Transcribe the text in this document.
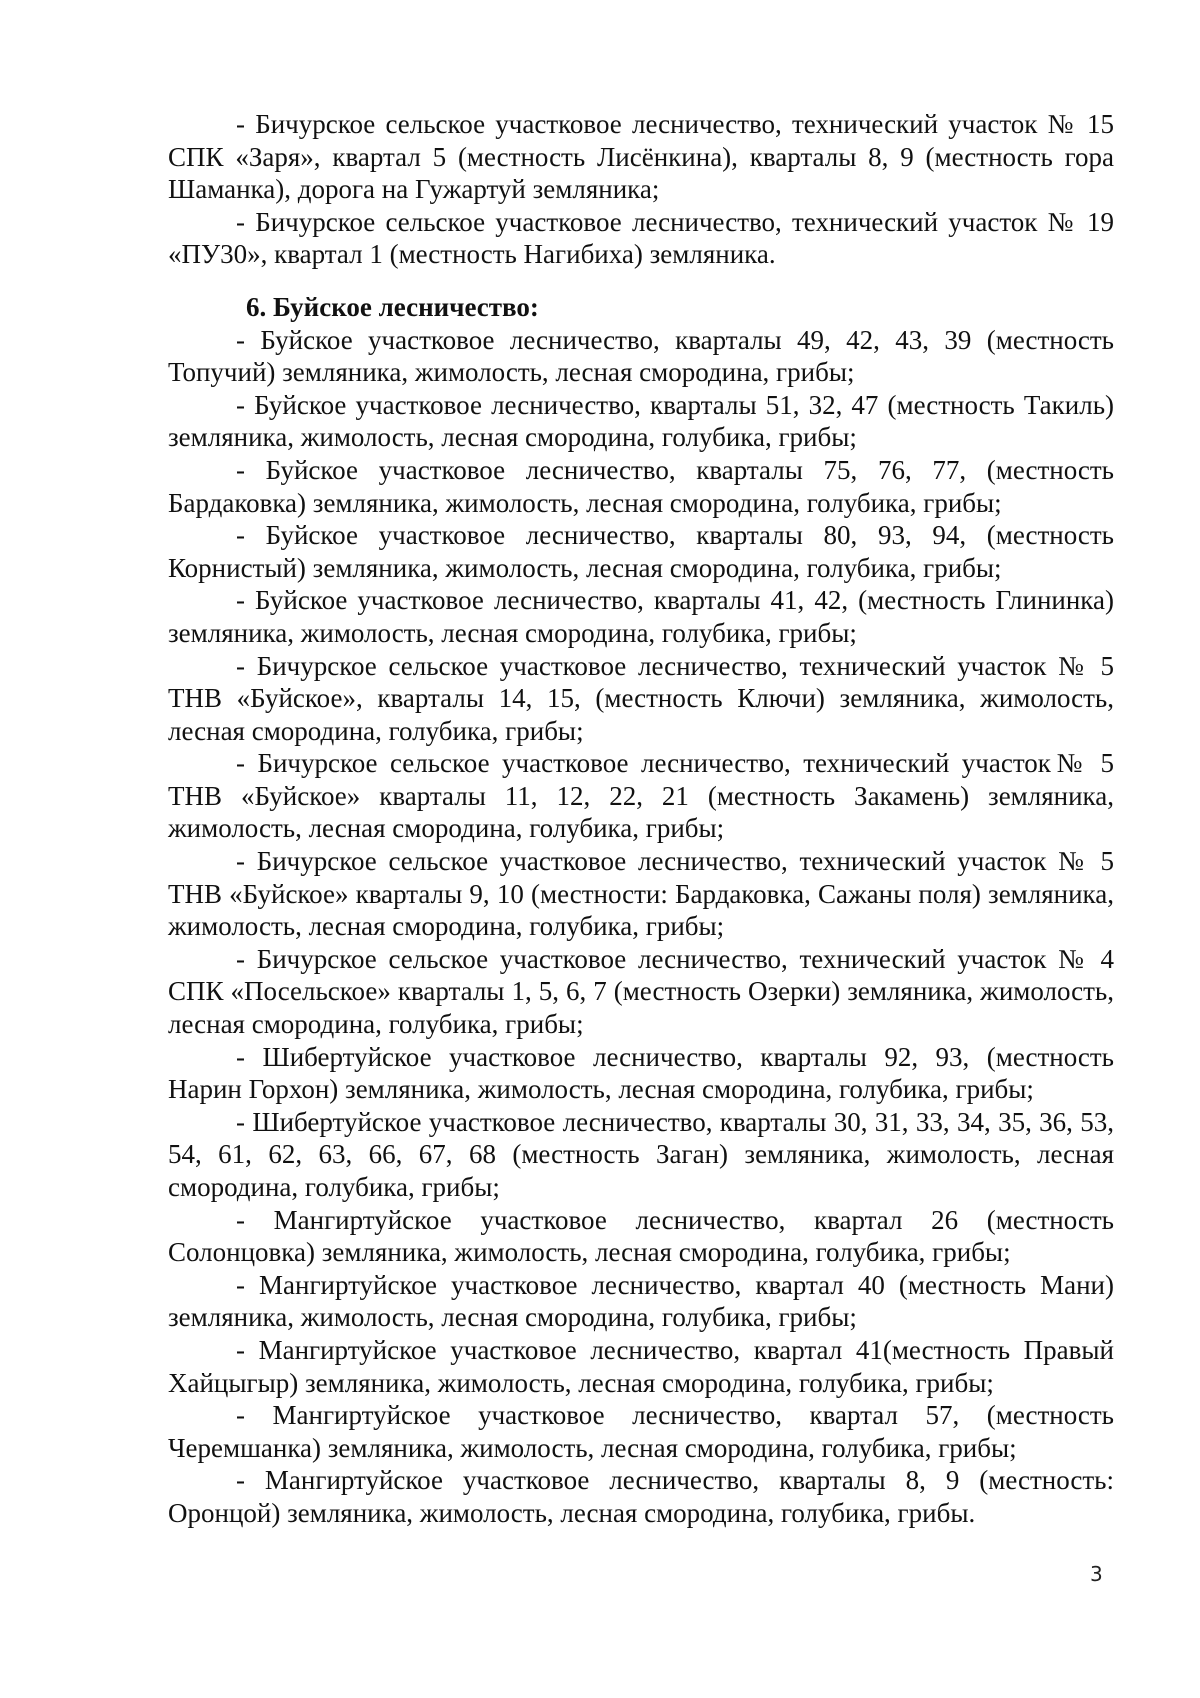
- Бичурское сельское участковое лесничество, технический участок № 15 СПК «Заря», квартал 5 (местность Лисёнкина), кварталы 8, 9 (местность гора Шаманка), дорога на Гужартуй земляника;

- Бичурское сельское участковое лесничество, технический участок № 19 «ПУ30», квартал 1 (местность Нагибиха) земляника.

6. Буйское лесничество:

- Буйское участковое лесничество, кварталы 49, 42, 43, 39 (местность Топучий) земляника, жимолость, лесная смородина, грибы;

- Буйское участковое лесничество, кварталы 51, 32, 47 (местность Такиль) земляника, жимолость, лесная смородина, голубика, грибы;

- Буйское участковое лесничество, кварталы 75, 76, 77, (местность Бардаковка) земляника, жимолость, лесная смородина, голубика, грибы;

- Буйское участковое лесничество, кварталы 80, 93, 94, (местность Корнистый) земляника, жимолость, лесная смородина, голубика, грибы;

- Буйское участковое лесничество, кварталы 41, 42, (местность Глининка) земляника, жимолость, лесная смородина, голубика, грибы;

- Бичурское сельское участковое лесничество, технический участок № 5 ТНВ «Буйское», кварталы 14, 15, (местность Ключи) земляника, жимолость, лесная смородина, голубика, грибы;

- Бичурское сельское участковое лесничество, технический участок№ 5 ТНВ «Буйское» кварталы 11, 12, 22, 21 (местность Закамень) земляника, жимолость, лесная смородина, голубика, грибы;

- Бичурское сельское участковое лесничество, технический участок № 5 ТНВ «Буйское» кварталы 9, 10 (местности: Бардаковка, Сажаны поля) земляника, жимолость, лесная смородина, голубика, грибы;

- Бичурское сельское участковое лесничество, технический участок № 4 СПК «Посельское» кварталы 1, 5, 6, 7 (местность Озерки) земляника, жимолость, лесная смородина, голубика, грибы;

- Шибертуйское участковое лесничество, кварталы 92, 93, (местность Нарин Горхон) земляника, жимолость, лесная смородина, голубика, грибы;

- Шибертуйское участковое лесничество, кварталы 30, 31, 33, 34, 35, 36, 53, 54, 61, 62, 63, 66, 67, 68 (местность Заган) земляника, жимолость, лесная смородина, голубика, грибы;

- Мангиртуйское участковое лесничество, квартал 26 (местность Солонцовка) земляника, жимолость, лесная смородина, голубика, грибы;

- Мангиртуйское участковое лесничество, квартал 40 (местность Мани) земляника, жимолость, лесная смородина, голубика, грибы;

- Мангиртуйское участковое лесничество, квартал 41(местность Правый Хайцыгыр) земляника, жимолость, лесная смородина, голубика, грибы;

- Мангиртуйское участковое лесничество, квартал 57, (местность Черемшанка) земляника, жимолость, лесная смородина, голубика, грибы;

- Мангиртуйское участковое лесничество, кварталы 8, 9 (местность: Оронцой) земляника, жимолость, лесная смородина, голубика, грибы.

3
